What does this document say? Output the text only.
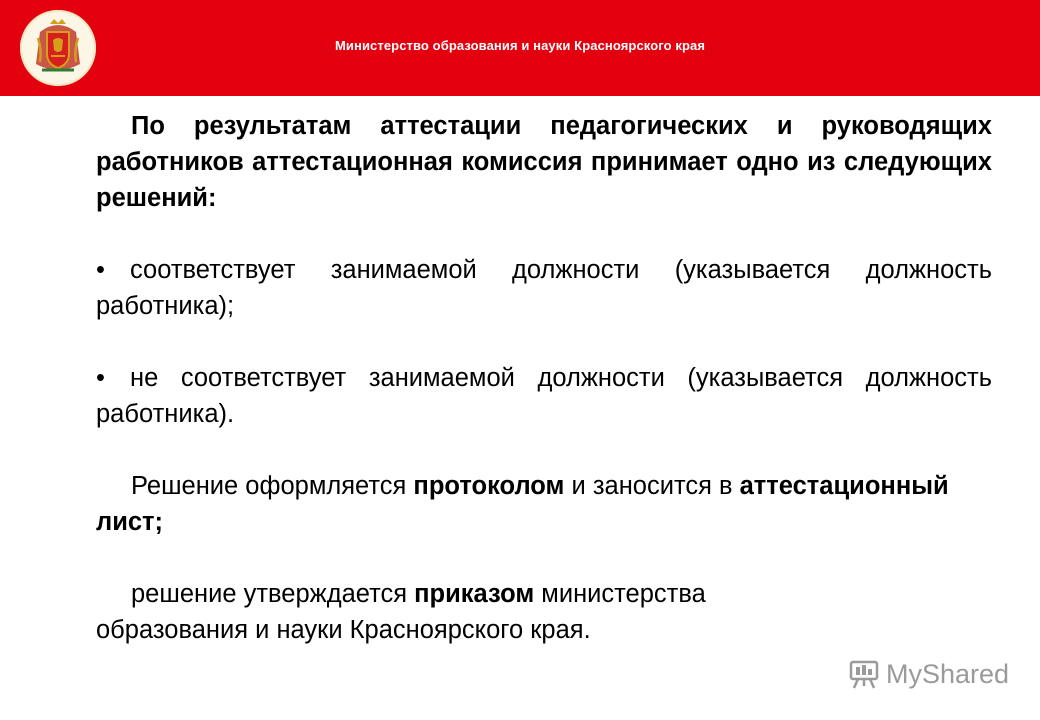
Министерство образования и науки Красноярского края

По результатам аттестации педагогических и руководящих работников аттестационная комиссия принимает одно из следующих решений:

• соответствует занимаемой должности (указывается должность работника);

• не соответствует занимаемой должности (указывается должность работника).

Решение оформляется протоколом и заносится в аттестационный лист;

решение утверждается приказом министерства образования и науки Красноярского края.

MyShared
